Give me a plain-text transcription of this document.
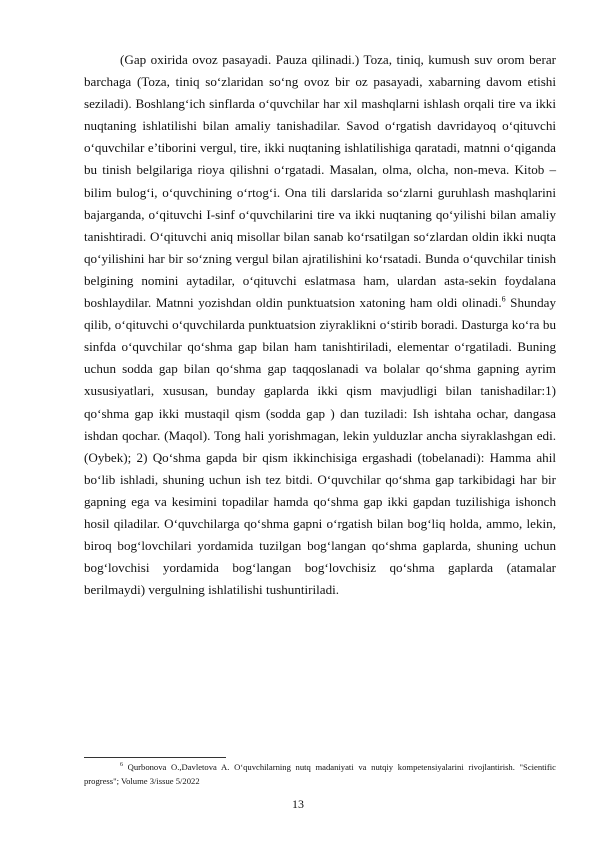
(Gap oxirida ovoz pasayadi. Pauza qilinadi.) Toza, tiniq, kumush suv orom berar barchaga (Toza, tiniq so‘zlaridan so‘ng ovoz bir oz pasayadi, xabarning davom etishi seziladi). Boshlang‘ich sinflarda o‘quvchilar har xil mashqlarni ishlash orqali tire va ikki nuqtaning ishlatilishi bilan amaliy tanishadilar. Savod o‘rgatish davridayoq o‘qituvchi o‘quvchilar e’tiborini vergul, tire, ikki nuqtaning ishlatilishiga qaratadi, matnni o‘qiganda bu tinish belgilariga rioya qilishni o‘rgatadi. Masalan, olma, olcha, non-meva. Kitob –bilim bulog‘i, o‘quvchining o‘rtog‘i. Ona tili darslarida so‘zlarni guruhlash mashqlarini bajarganda, o‘qituvchi I-sinf o‘quvchilarini tire va ikki nuqtaning qo‘yilishi bilan amaliy tanishtiradi. O‘qituvchi aniq misollar bilan sanab ko‘rsatilgan so‘zlardan oldin ikki nuqta qo‘yilishini har bir so‘zning vergul bilan ajratilishini ko‘rsatadi. Bunda o‘quvchilar tinish belgining nomini aytadilar, o‘qituvchi eslatmasa ham, ulardan asta-sekin foydalana boshlaydilar. Matnni yozishdan oldin punktuatsion xatoning ham oldi olinadi.$^6$ Shunday qilib, o‘qituvchi o‘quvchilarda punktuatsion ziyraklikni o‘stirib boradi. Dasturga ko‘ra bu sinfda o‘quvchilar qo‘shma gap bilan ham tanishtiriladi, elementar o‘rgatiladi. Buning uchun sodda gap bilan qo‘shma gap taqqoslanadi va bolalar qo‘shma gapning ayrim xususiyatlari, xususan, bunday gaplarda ikki qism mavjudligi bilan tanishadilar:1) qo‘shma gap ikki mustaqil qism (sodda gap ) dan tuziladi: Ish ishtaha ochar, dangasa ishdan qochar. (Maqol). Tong hali yorishmagan, lekin yulduzlar ancha siyraklashgan edi. (Oybek); 2) Qo‘shma gapda bir qism ikkinchisiga ergashadi (tobelanadi): Hamma ahil bo‘lib ishladi, shuning uchun ish tez bitdi. O‘quvchilar qo‘shma gap tarkibidagi har bir gapning ega va kesimini topadilar hamda qo‘shma gap ikki gapdan tuzilishiga ishonch hosil qiladilar. O‘quvchilarga qo‘shma gapni o‘rgatish bilan bog‘liq holda, ammo, lekin, biroq bog‘lovchilari yordamida tuzilgan bog‘langan qo‘shma gaplarda, shuning uchun bog‘lovchisi yordamida bog‘langan bog‘lovchisiz qo‘shma gaplarda (atamalar berilmaydi) vergulning ishlatilishi tushuntiriladi.

$^6$ Qurbonova O.,Davletova A. O‘quvchilarning nutq madaniyati va nutqiy kompetensiyalarini rivojlantirish. "Scientific progress"; Volume 3/issue 5/2022

13
